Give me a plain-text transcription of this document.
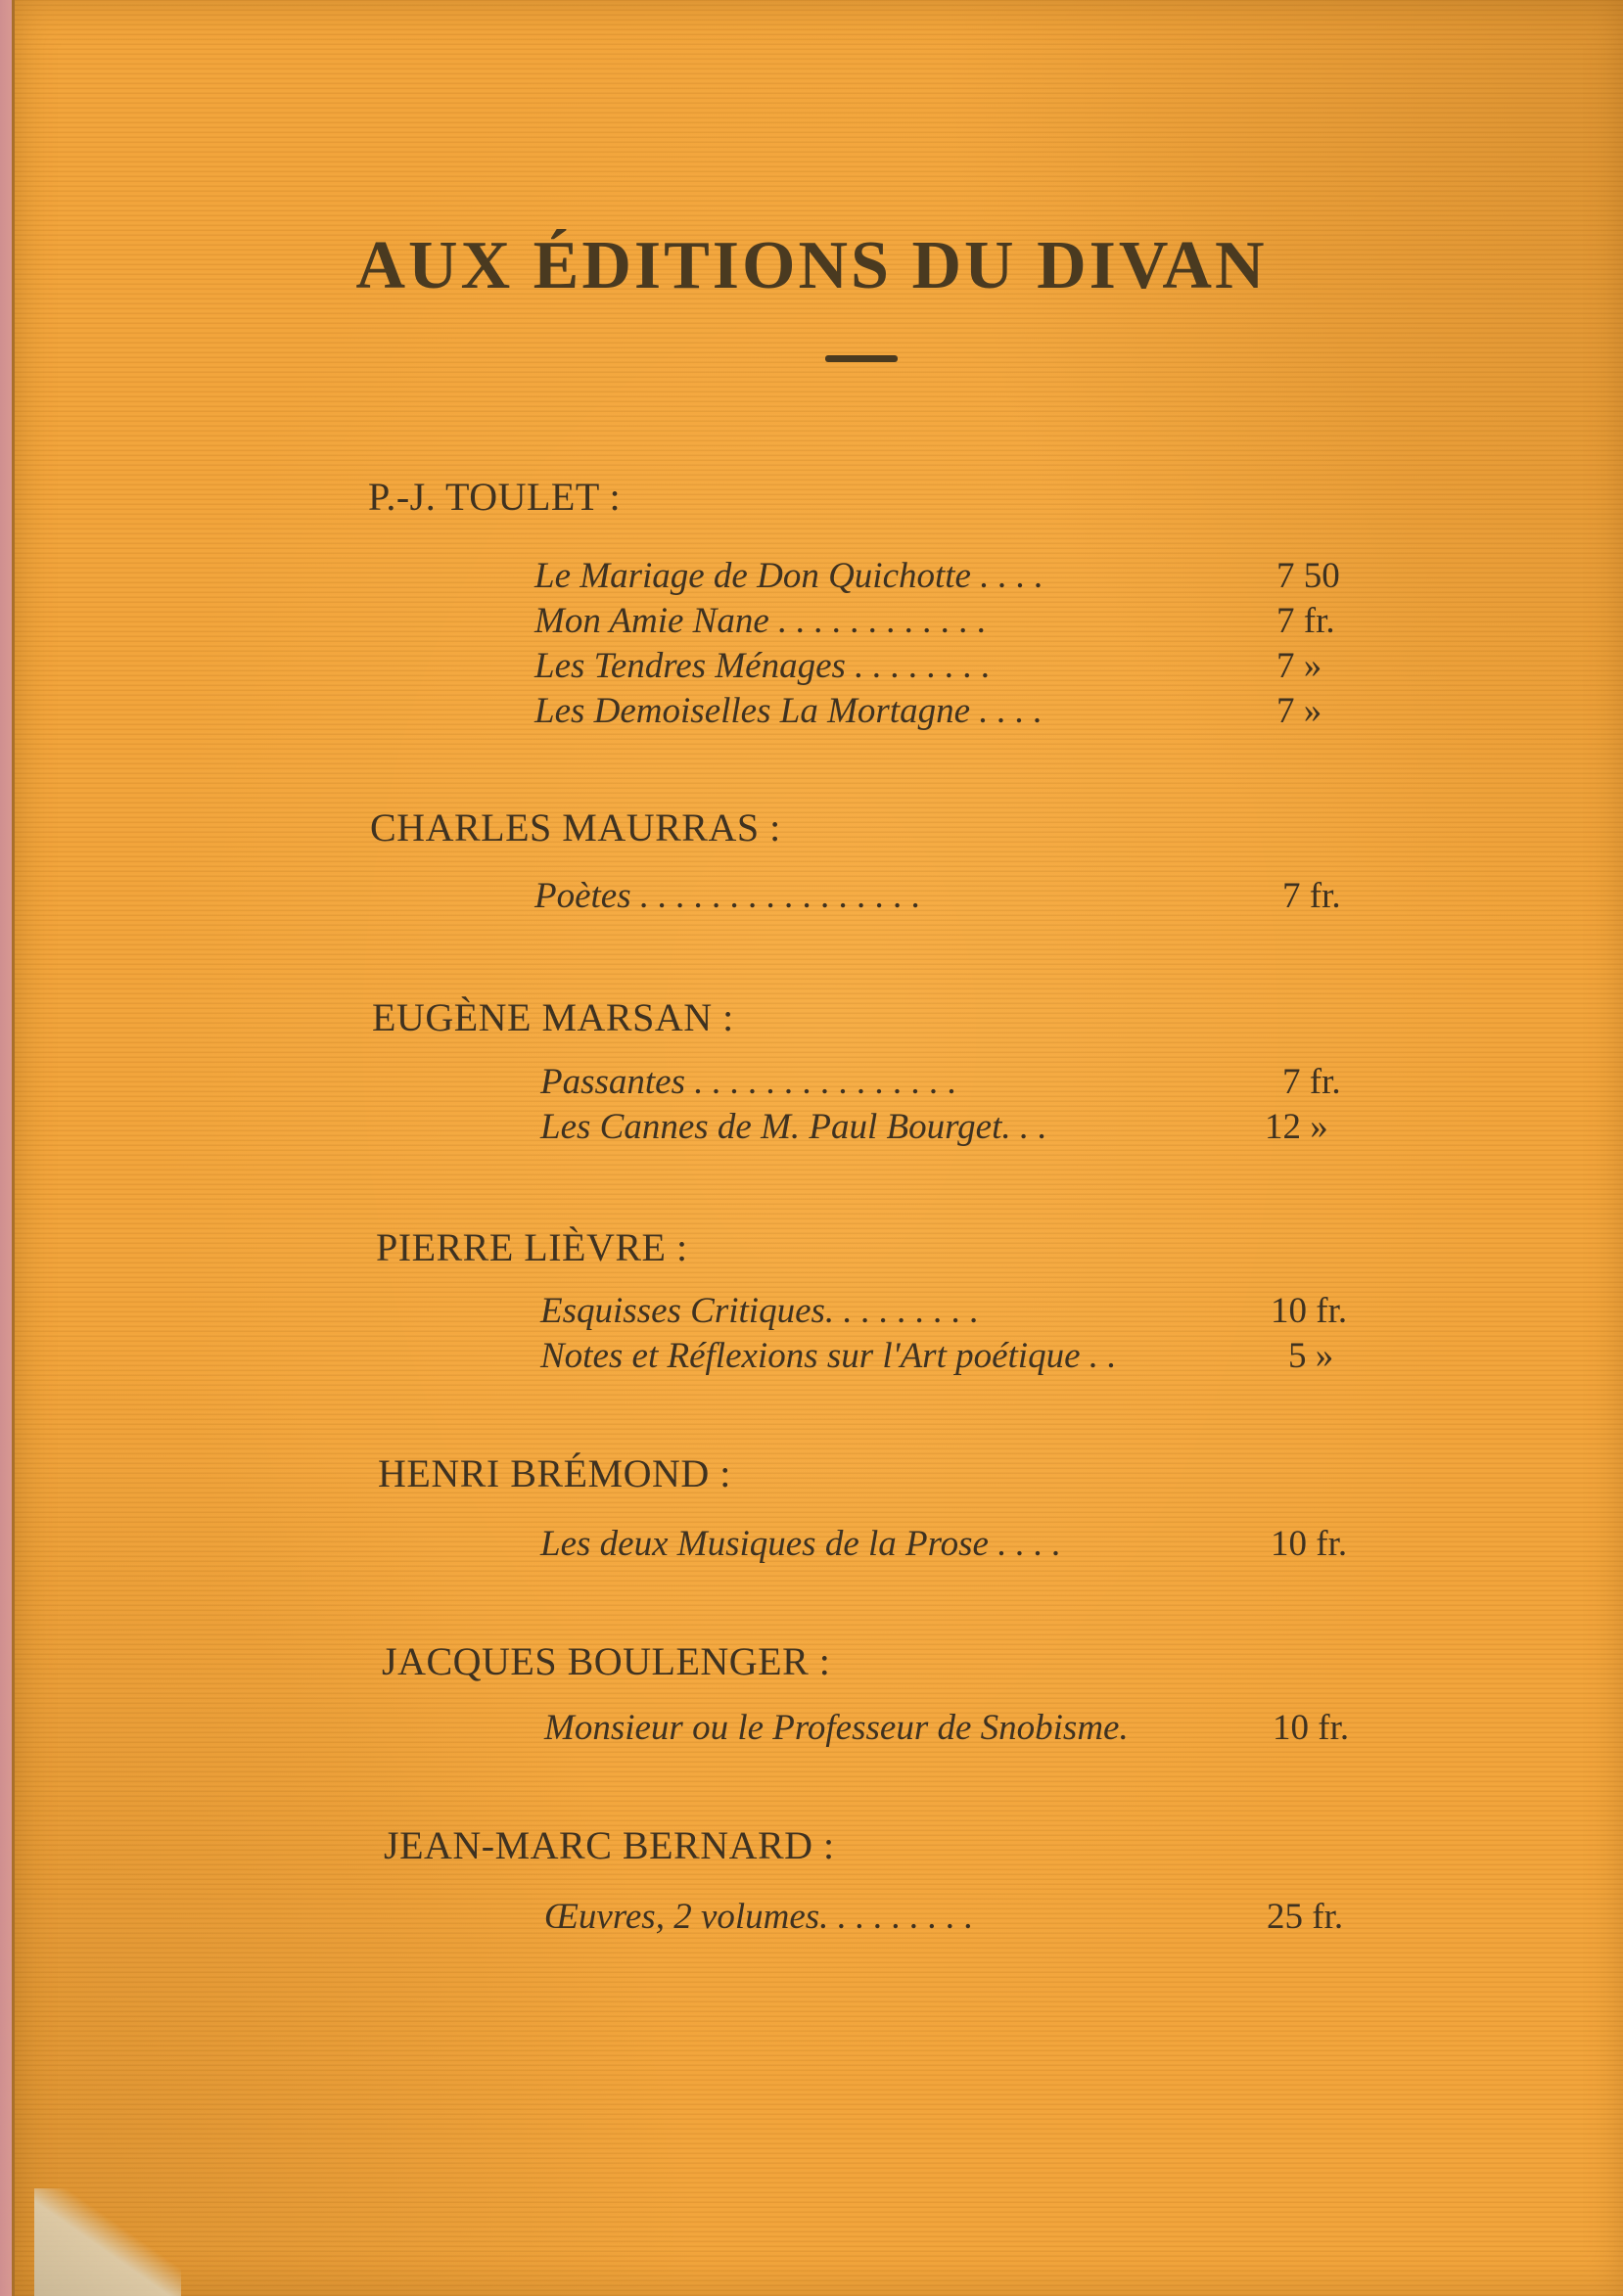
AUX ÉDITIONS DU DIVAN
P.-J. TOULET :
Le Mariage de Don Quichotte . . . .	7 50
Mon Amie Nane . . . . . . . . . . . .	7 fr.
Les Tendres Ménages . . . . . . . .	7 »
Les Demoiselles La Mortagne . . . .	7 »
CHARLES MAURRAS :
Poètes . . . . . . . . . . . . . . . .	7 fr.
EUGÈNE MARSAN :
Passantes . . . . . . . . . . . . . . .	7 fr.
Les Cannes de M. Paul Bourget. . .	12 »
PIERRE LIÈVRE :
Esquisses Critiques. . . . . . . . .	10 fr.
Notes et Réflexions sur l'Art poétique . .	5 »
HENRI BRÉMOND :
Les deux Musiques de la Prose . . . .	10 fr.
JACQUES BOULENGER :
Monsieur ou le Professeur de Snobisme.	10 fr.
JEAN-MARC BERNARD :
Œuvres, 2 volumes. . . . . . . . .	25 fr.
